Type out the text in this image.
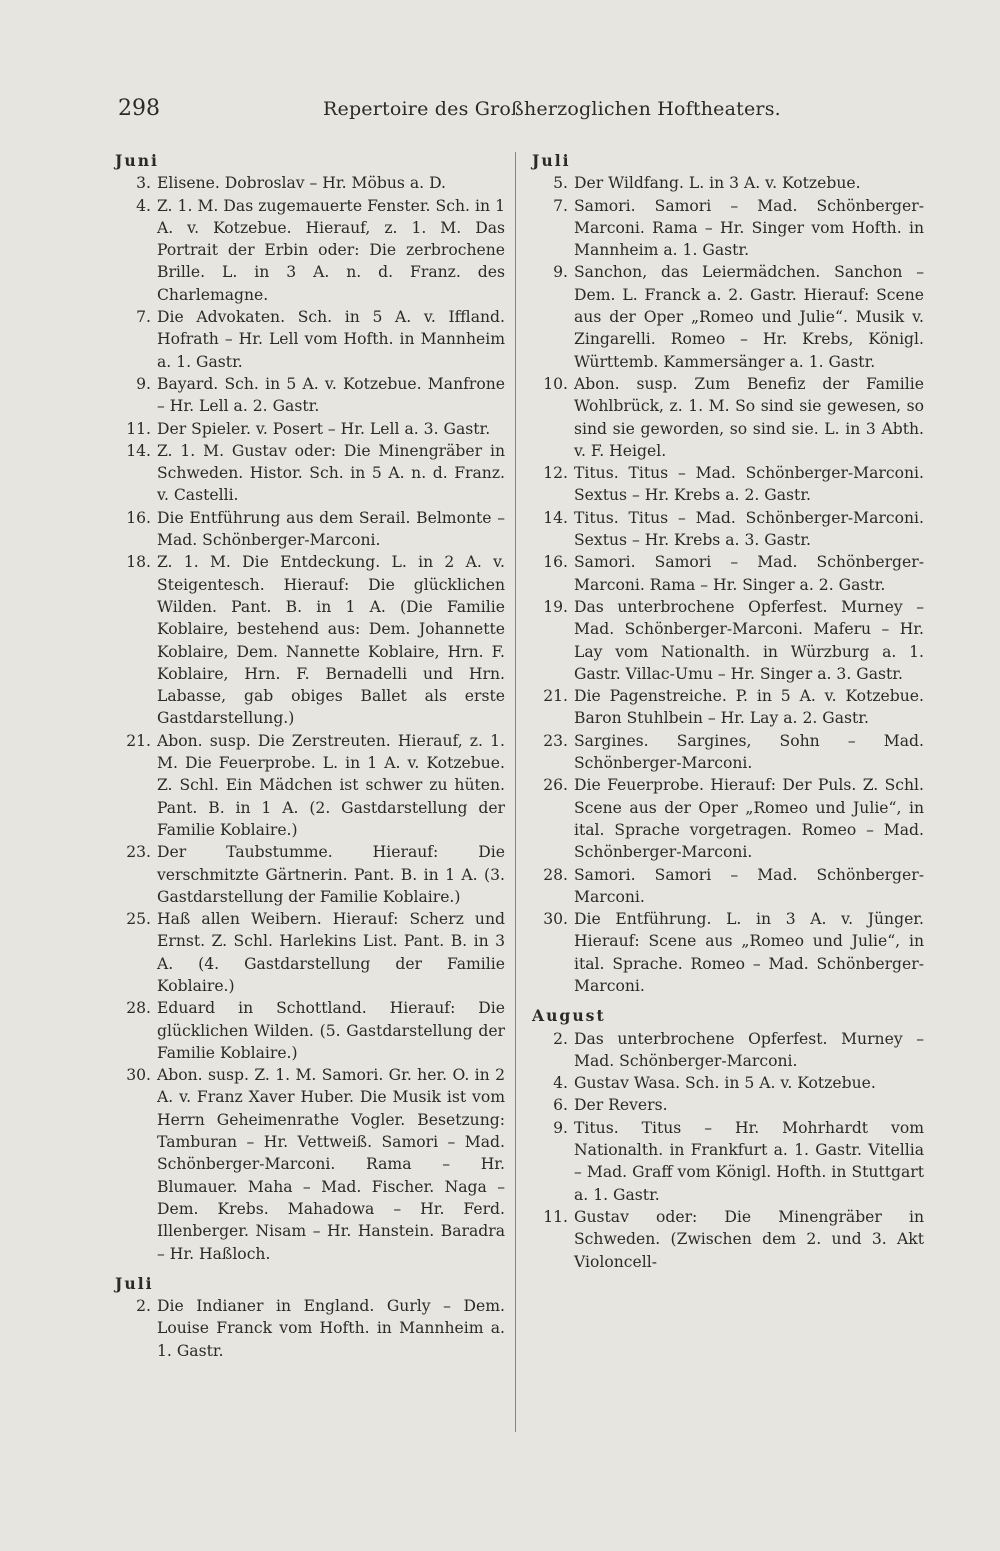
298	Repertoire des Großherzoglichen Hoftheaters.
Juni
3. Elisene. Dobroslav – Hr. Möbus a. D.
4. Z. 1. M. Das zugemauerte Fenster. Sch. in 1 A. v. Kotzebue. Hierauf, z. 1. M. Das Portrait der Erbin oder: Die zerbrochene Brille. L. in 3 A. n. d. Franz. des Charlemagne.
7. Die Advokaten. Sch. in 5 A. v. Iffland. Hofrath – Hr. Lell vom Hofth. in Mannheim a. 1. Gastr.
9. Bayard. Sch. in 5 A. v. Kotzebue. Manfrone – Hr. Lell a. 2. Gastr.
11. Der Spieler. v. Posert – Hr. Lell a. 3. Gastr.
14. Z. 1. M. Gustav oder: Die Minengräber in Schweden. Histor. Sch. in 5 A. n. d. Franz. v. Castelli.
16. Die Entführung aus dem Serail. Belmonte – Mad. Schönberger-Marconi.
18. Z. 1. M. Die Entdeckung. L. in 2 A. v. Steigentesch. Hierauf: Die glücklichen Wilden. Pant. B. in 1 A. (Die Familie Koblaire, bestehend aus: Dem. Johannette Koblaire, Dem. Nannette Koblaire, Hrn. F. Koblaire, Hrn. F. Bernadelli und Hrn. Labasse, gab obiges Ballet als erste Gastdarstellung.)
21. Abon. susp. Die Zerstreuten. Hierauf, z. 1. M. Die Feuerprobe. L. in 1 A. v. Kotzebue. Z. Schl. Ein Mädchen ist schwer zu hüten. Pant. B. in 1 A. (2. Gastdarstellung der Familie Koblaire.)
23. Der Taubstumme. Hierauf: Die verschmitzte Gärtnerin. Pant. B. in 1 A. (3. Gastdarstellung der Familie Koblaire.)
25. Haß allen Weibern. Hierauf: Scherz und Ernst. Z. Schl. Harlekins List. Pant. B. in 3 A. (4. Gastdarstellung der Familie Koblaire.)
28. Eduard in Schottland. Hierauf: Die glücklichen Wilden. (5. Gastdarstellung der Familie Koblaire.)
30. Abon. susp. Z. 1. M. Samori. Gr. her. O. in 2 A. v. Franz Xaver Huber. Die Musik ist vom Herrn Geheimenrathe Vogler. Besetzung: Tamburan – Hr. Vettweiß. Samori – Mad. Schönberger-Marconi. Rama – Hr. Blumauer. Maha – Mad. Fischer. Naga – Dem. Krebs. Mahadowa – Hr. Ferd. Illenberger. Nisam – Hr. Hanstein. Baradra – Hr. Haßloch.
Juli
2. Die Indianer in England. Gurly – Dem. Louise Franck vom Hofth. in Mannheim a. 1. Gastr.
Juli
5. Der Wildfang. L. in 3 A. v. Kotzebue.
7. Samori. Samori – Mad. Schönberger-Marconi. Rama – Hr. Singer vom Hofth. in Mannheim a. 1. Gastr.
9. Sanchon, das Leiermädchen. Sanchon – Dem. L. Franck a. 2. Gastr. Hierauf: Scene aus der Oper „Romeo und Julie“. Musik v. Zingarelli. Romeo – Hr. Krebs, Königl. Württemb. Kammersänger a. 1. Gastr.
10. Abon. susp. Zum Benefiz der Familie Wohlbrück, z. 1. M. So sind sie gewesen, so sind sie geworden, so sind sie. L. in 3 Abth. v. F. Heigel.
12. Titus. Titus – Mad. Schönberger-Marconi. Sextus – Hr. Krebs a. 2. Gastr.
14. Titus. Titus – Mad. Schönberger-Marconi. Sextus – Hr. Krebs a. 3. Gastr.
16. Samori. Samori – Mad. Schönberger-Marconi. Rama – Hr. Singer a. 2. Gastr.
19. Das unterbrochene Opferfest. Murney – Mad. Schönberger-Marconi. Maferu – Hr. Lay vom Nationalth. in Würzburg a. 1. Gastr. Villac-Umu – Hr. Singer a. 3. Gastr.
21. Die Pagenstreiche. P. in 5 A. v. Kotzebue. Baron Stuhlbein – Hr. Lay a. 2. Gastr.
23. Sargines. Sargines, Sohn – Mad. Schönberger-Marconi.
26. Die Feuerprobe. Hierauf: Der Puls. Z. Schl. Scene aus der Oper „Romeo und Julie“, in ital. Sprache vorgetragen. Romeo – Mad. Schönberger-Marconi.
28. Samori. Samori – Mad. Schönberger-Marconi.
30. Die Entführung. L. in 3 A. v. Jünger. Hierauf: Scene aus „Romeo und Julie“, in ital. Sprache. Romeo – Mad. Schönberger-Marconi.
August
2. Das unterbrochene Opferfest. Murney – Mad. Schönberger-Marconi.
4. Gustav Wasa. Sch. in 5 A. v. Kotzebue.
6. Der Revers.
9. Titus. Titus – Hr. Mohrhardt vom Nationalth. in Frankfurt a. 1. Gastr. Vitellia – Mad. Graff vom Königl. Hofth. in Stuttgart a. 1. Gastr.
11. Gustav oder: Die Minengräber in Schweden. (Zwischen dem 2. und 3. Akt Violoncell-
